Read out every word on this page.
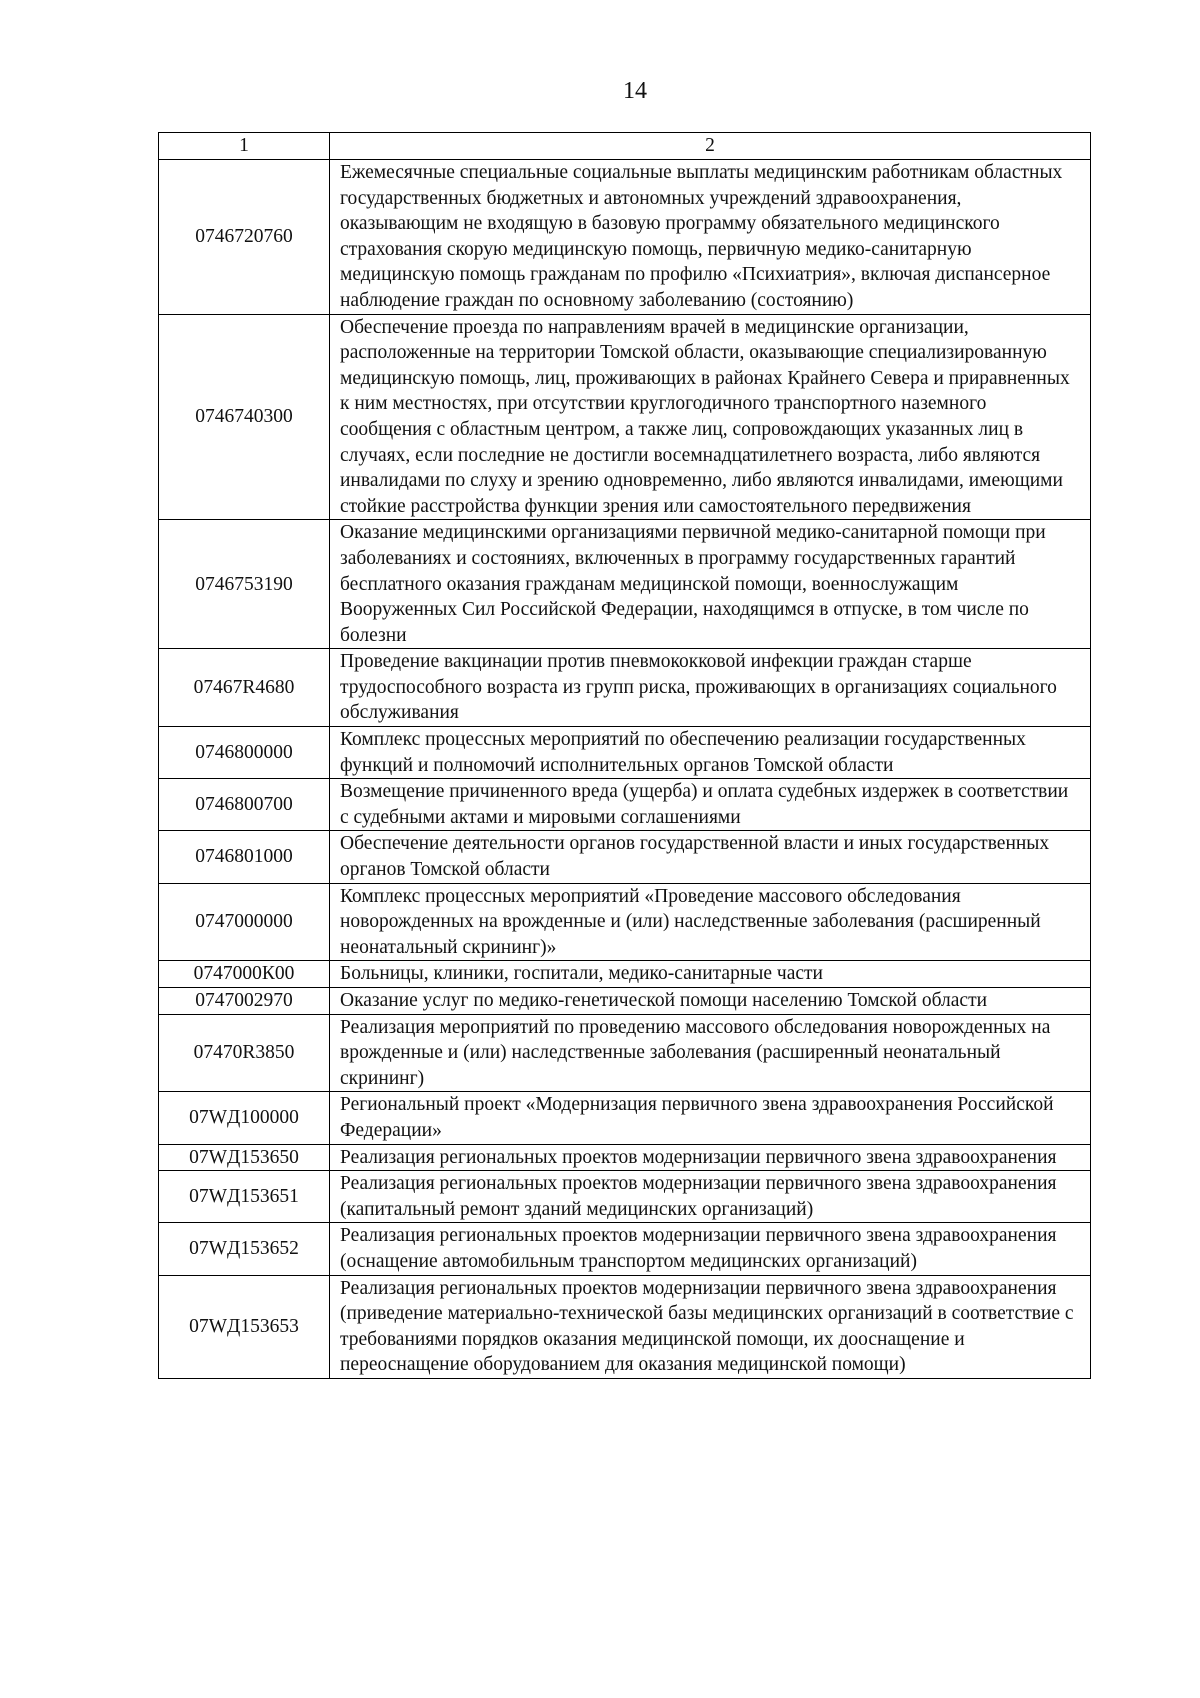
14
1	2
0746720760	Ежемесячные специальные социальные выплаты медицинским работникам областных государственных бюджетных и автономных учреждений здравоохранения, оказывающим не входящую в базовую программу обязательного медицинского страхования скорую медицинскую помощь, первичную медико-санитарную медицинскую помощь гражданам по профилю «Психиатрия», включая диспансерное наблюдение граждан по основному заболеванию (состоянию)
0746740300	Обеспечение проезда по направлениям врачей в медицинские организации, расположенные на территории Томской области, оказывающие специализированную медицинскую помощь, лиц, проживающих в районах Крайнего Севера и приравненных к ним местностях, при отсутствии круглогодичного транспортного наземного сообщения с областным центром, а также лиц, сопровождающих указанных лиц в случаях, если последние не достигли восемнадцатилетнего возраста, либо являются инвалидами по слуху и зрению одновременно, либо являются инвалидами, имеющими стойкие расстройства функции зрения или самостоятельного передвижения
0746753190	Оказание медицинскими организациями первичной медико-санитарной помощи при заболеваниях и состояниях, включенных в программу государственных гарантий бесплатного оказания гражданам медицинской помощи, военнослужащим Вооруженных Сил Российской Федерации, находящимся в отпуске, в том числе по болезни
07467R4680	Проведение вакцинации против пневмококковой инфекции граждан старше трудоспособного возраста из групп риска, проживающих в организациях социального обслуживания
0746800000	Комплекс процессных мероприятий по обеспечению реализации государственных функций и полномочий исполнительных органов Томской области
0746800700	Возмещение причиненного вреда (ущерба) и оплата судебных издержек в соответствии с судебными актами и мировыми соглашениями
0746801000	Обеспечение деятельности органов государственной власти и иных государственных органов Томской области
0747000000	Комплекс процессных мероприятий «Проведение массового обследования новорожденных на врожденные и (или) наследственные заболевания (расширенный неонатальный скрининг)»
0747000К00	Больницы, клиники, госпитали, медико-санитарные части
0747002970	Оказание услуг по медико-генетической помощи населению Томской области
07470R3850	Реализация мероприятий по проведению массового обследования новорожденных на врожденные и (или) наследственные заболевания (расширенный неонатальный скрининг)
07WД100000	Региональный проект «Модернизация первичного звена здравоохранения Российской Федерации»
07WД153650	Реализация региональных проектов модернизации первичного звена здравоохранения
07WД153651	Реализация региональных проектов модернизации первичного звена здравоохранения (капитальный ремонт зданий медицинских организаций)
07WД153652	Реализация региональных проектов модернизации первичного звена здравоохранения (оснащение автомобильным транспортом медицинских организаций)
07WД153653	Реализация региональных проектов модернизации первичного звена здравоохранения (приведение материально-технической базы медицинских организаций в соответствие с требованиями порядков оказания медицинской помощи, их дооснащение и переоснащение оборудованием для оказания медицинской помощи)
